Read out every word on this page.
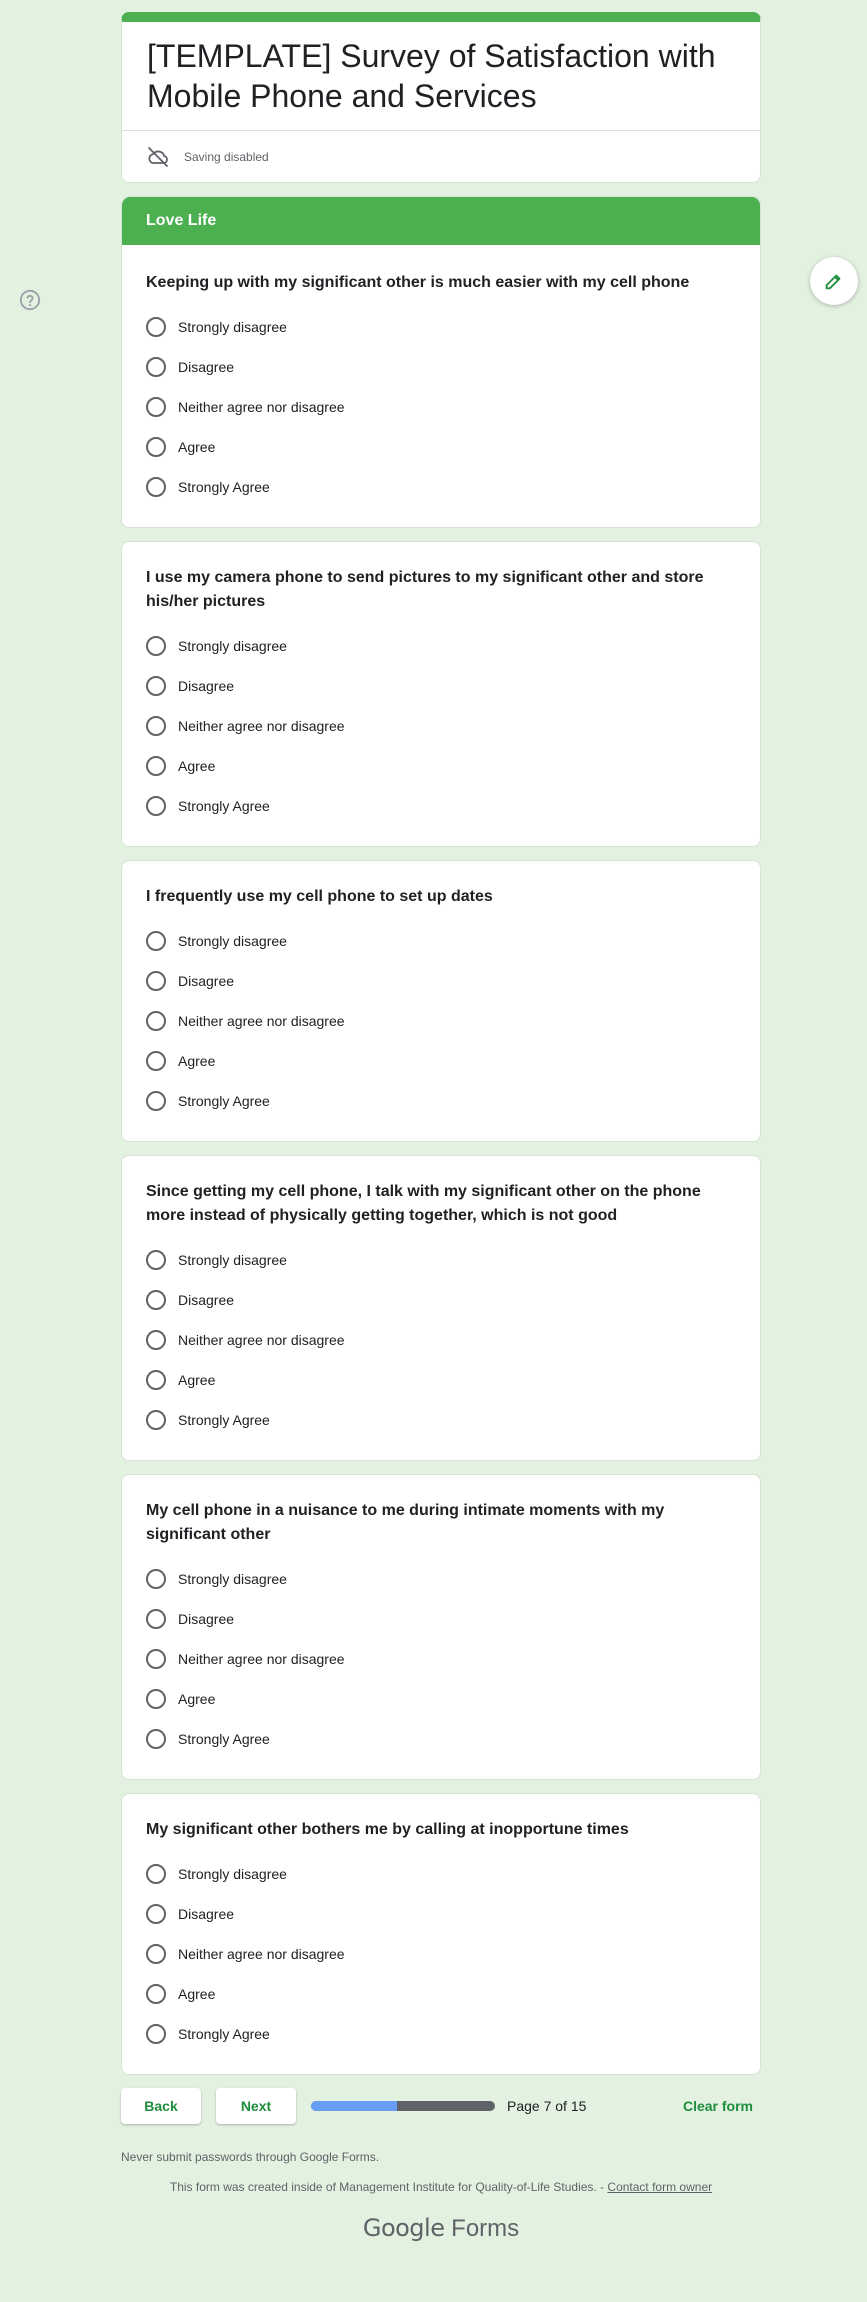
[TEMPLATE] Survey of Satisfaction with Mobile Phone and Services
Saving disabled
Love Life
Keeping up with my significant other is much easier with my cell phone
Strongly disagree
Disagree
Neither agree nor disagree
Agree
Strongly Agree
I use my camera phone to send pictures to my significant other and store his/her pictures
Strongly disagree
Disagree
Neither agree nor disagree
Agree
Strongly Agree
I frequently use my cell phone to set up dates
Strongly disagree
Disagree
Neither agree nor disagree
Agree
Strongly Agree
Since getting my cell phone, I talk with my significant other on the phone more instead of physically getting together, which is not good
Strongly disagree
Disagree
Neither agree nor disagree
Agree
Strongly Agree
My cell phone in a nuisance to me during intimate moments with my significant other
Strongly disagree
Disagree
Neither agree nor disagree
Agree
Strongly Agree
My significant other bothers me by calling at inopportune times
Strongly disagree
Disagree
Neither agree nor disagree
Agree
Strongly Agree
Back	Next	Page 7 of 15	Clear form
Never submit passwords through Google Forms.
This form was created inside of Management Institute for Quality-of-Life Studies. - Contact form owner
Google Forms
